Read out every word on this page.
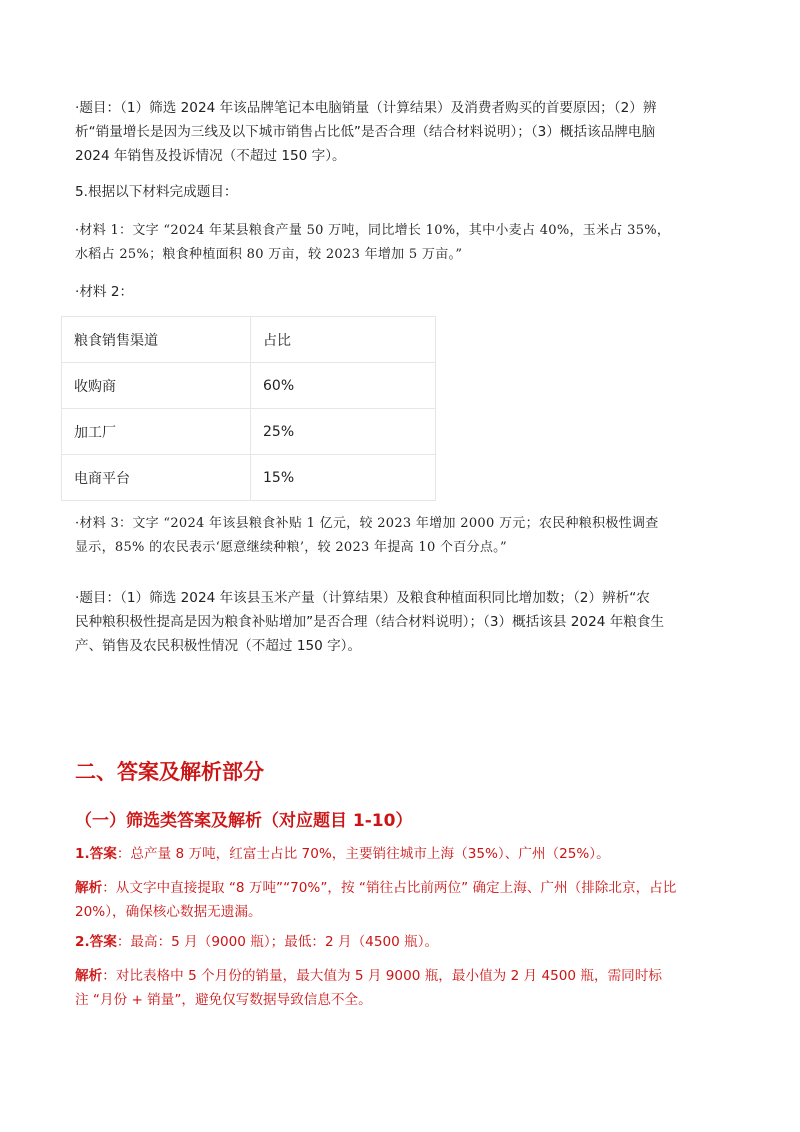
·题目：（1）筛选 2024 年该品牌笔记本电脑销量（计算结果）及消费者购买的首要原因；（2）辨
析“销量增长是因为三线及以下城市销售占比低”是否合理（结合材料说明）；（3）概括该品牌电脑
2024 年销售及投诉情况（不超过 150 字）。
5.根据以下材料完成题目：
·材料 1：文字 “2024 年某县粮食产量 50 万吨，同比增长 10%，其中小麦占 40%，玉米占 35%，
水稻占 25%；粮食种植面积 80 万亩，较 2023 年增加 5 万亩。”
·材料 2：
粮食销售渠道	占比
收购商	60%
加工厂	25%
电商平台	15%
·材料 3：文字 “2024 年该县粮食补贴 1 亿元，较 2023 年增加 2000 万元；农民种粮积极性调查
显示，85% 的农民表示‘愿意继续种粮’，较 2023 年提高 10 个百分点。”
·题目：（1）筛选 2024 年该县玉米产量（计算结果）及粮食种植面积同比增加数；（2）辨析“农
民种粮积极性提高是因为粮食补贴增加”是否合理（结合材料说明）；（3）概括该县 2024 年粮食生
产、销售及农民积极性情况（不超过 150 字）。
二、答案及解析部分
（一）筛选类答案及解析（对应题目 1-10）
1.答案：总产量 8 万吨，红富士占比 70%，主要销往城市上海（35%）、广州（25%）。
解析：从文字中直接提取 “8 万吨”“70%”，按 “销往占比前两位” 确定上海、广州（排除北京，占比
20%），确保核心数据无遗漏。
2.答案：最高：5 月（9000 瓶）；最低：2 月（4500 瓶）。
解析：对比表格中 5 个月份的销量，最大值为 5 月 9000 瓶，最小值为 2 月 4500 瓶，需同时标
注 “月份 + 销量”，避免仅写数据导致信息不全。
